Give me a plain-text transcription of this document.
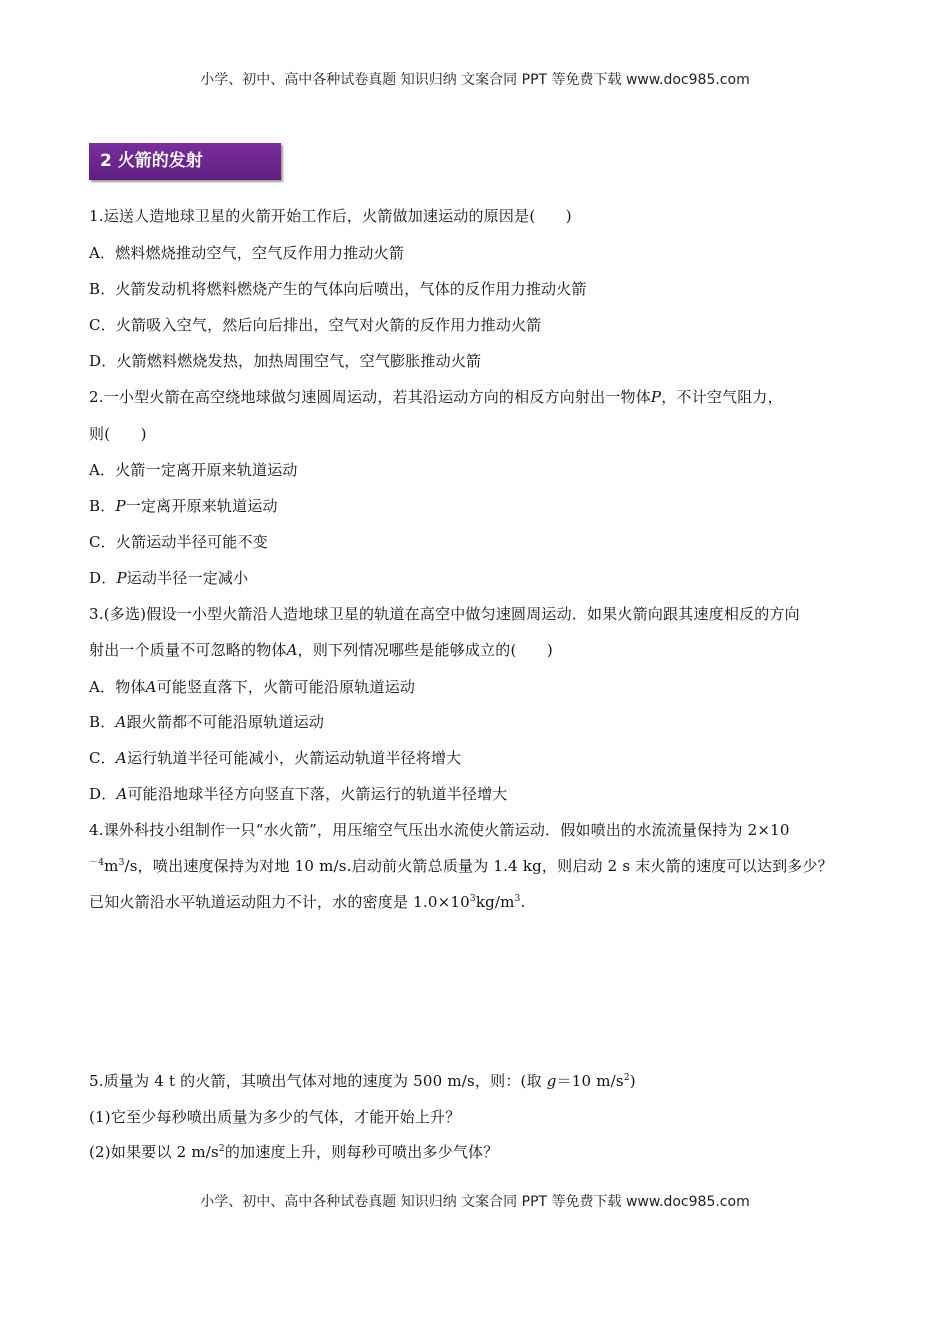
小学、初中、高中各种试卷真题 知识归纳 文案合同 PPT 等免费下载 www.doc985.com
2 火箭的发射
1.运送人造地球卫星的火箭开始工作后，火箭做加速运动的原因是(　　)
A．燃料燃烧推动空气，空气反作用力推动火箭
B．火箭发动机将燃料燃烧产生的气体向后喷出，气体的反作用力推动火箭
C．火箭吸入空气，然后向后排出，空气对火箭的反作用力推动火箭
D．火箭燃料燃烧发热，加热周围空气，空气膨胀推动火箭
2.一小型火箭在高空绕地球做匀速圆周运动，若其沿运动方向的相反方向射出一物体P，不计空气阻力，
则(　　)
A．火箭一定离开原来轨道运动
B．P一定离开原来轨道运动
C．火箭运动半径可能不变
D．P运动半径一定减小
3.(多选)假设一小型火箭沿人造地球卫星的轨道在高空中做匀速圆周运动．如果火箭向跟其速度相反的方向
射出一个质量不可忽略的物体A，则下列情况哪些是能够成立的(　　)
A．物体A可能竖直落下，火箭可能沿原轨道运动
B．A跟火箭都不可能沿原轨道运动
C．A运行轨道半径可能减小，火箭运动轨道半径将增大
D．A可能沿地球半径方向竖直下落，火箭运行的轨道半径增大
4.课外科技小组制作一只“水火箭”，用压缩空气压出水流使火箭运动．假如喷出的水流流量保持为 2×10
$^{-4}m^3/s$，喷出速度保持为对地 10 m/s.启动前火箭总质量为 1.4 kg，则启动 2 s 末火箭的速度可以达到多少？
已知火箭沿水平轨道运动阻力不计，水的密度是 $1.0\times 10^3kg/m^3$.
5.质量为 4 t 的火箭，其喷出气体对地的速度为 500 m/s，则：(取 g＝10 $m/s^2$)
(1)它至少每秒喷出质量为多少的气体，才能开始上升？
(2)如果要以 2 $m/s^2$的加速度上升，则每秒可喷出多少气体？
小学、初中、高中各种试卷真题 知识归纳 文案合同 PPT 等免费下载 www.doc985.com
